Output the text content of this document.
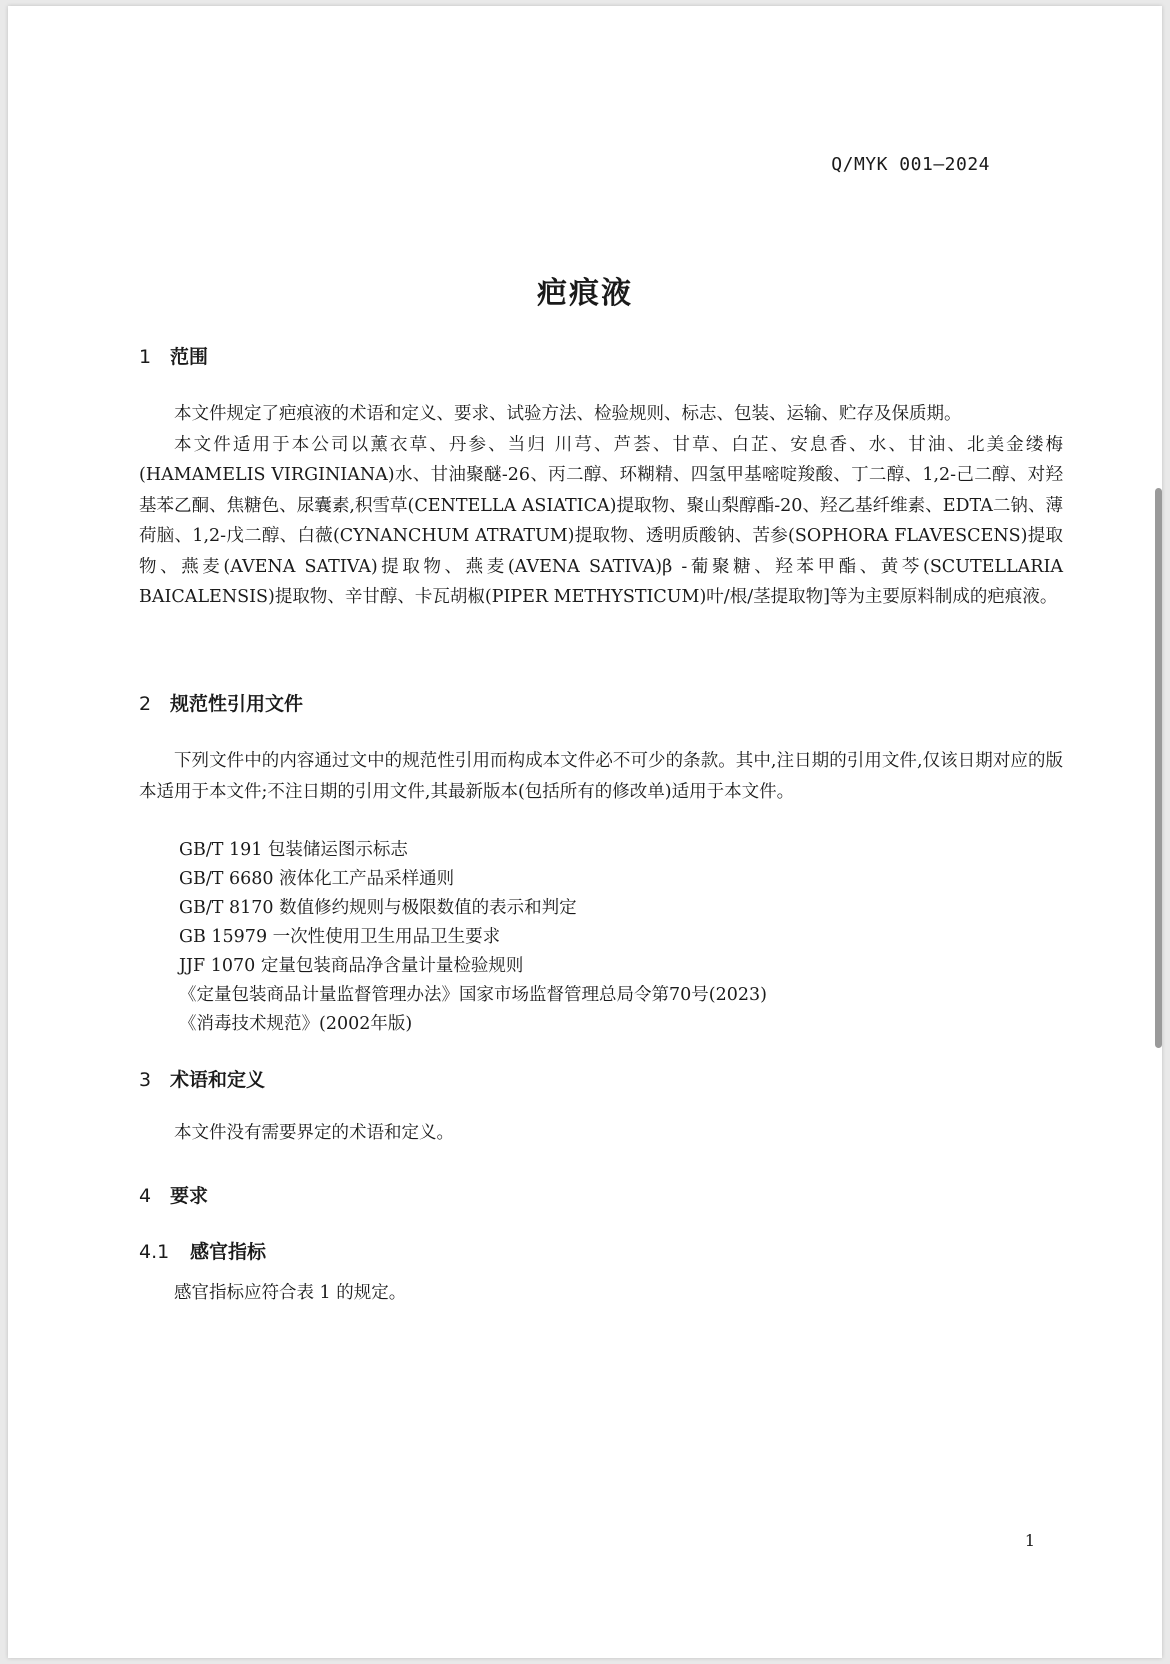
Q/MYK 001—2024
疤痕液
1 范围

本文件规定了疤痕液的术语和定义、要求、试验方法、检验规则、标志、包装、运输、贮存及保质期。

本文件适用于本公司以薰衣草、丹参、当归 川芎、芦荟、甘草、白芷、安息香、水、甘油、北美金缕梅(HAMAMELIS VIRGINIANA)水、甘油聚醚-26、丙二醇、环糊精、四氢甲基嘧啶羧酸、丁二醇、1,2-己二醇、对羟基苯乙酮、焦糖色、尿囊素,积雪草(CENTELLA ASIATICA)提取物、聚山梨醇酯-20、羟乙基纤维素、EDTA二钠、薄荷脑、1,2-戊二醇、白薇(CYNANCHUM ATRATUM)提取物、透明质酸钠、苦参(SOPHORA FLAVESCENS)提取物、燕麦(AVENA SATIVA)提取物、燕麦(AVENA SATIVA)β -葡聚糖、羟苯甲酯、黄芩(SCUTELLARIA BAICALENSIS)提取物、辛甘醇、卡瓦胡椒(PIPER METHYSTICUM)叶/根/茎提取物]等为主要原料制成的疤痕液。

2 规范性引用文件

下列文件中的内容通过文中的规范性引用而构成本文件必不可少的条款。其中,注日期的引用文件,仅该日期对应的版本适用于本文件;不注日期的引用文件,其最新版本(包括所有的修改单)适用于本文件。

GB/T 191 包装储运图示标志
GB/T 6680 液体化工产品采样通则
GB/T 8170 数值修约规则与极限数值的表示和判定
GB 15979 一次性使用卫生用品卫生要求
JJF 1070 定量包装商品净含量计量检验规则
《定量包装商品计量监督管理办法》国家市场监督管理总局令第70号(2023)
《消毒技术规范》(2002年版)
3 术语和定义

本文件没有需要界定的术语和定义。

4 要求
4.1 感官指标

感官指标应符合表 1 的规定。

1
